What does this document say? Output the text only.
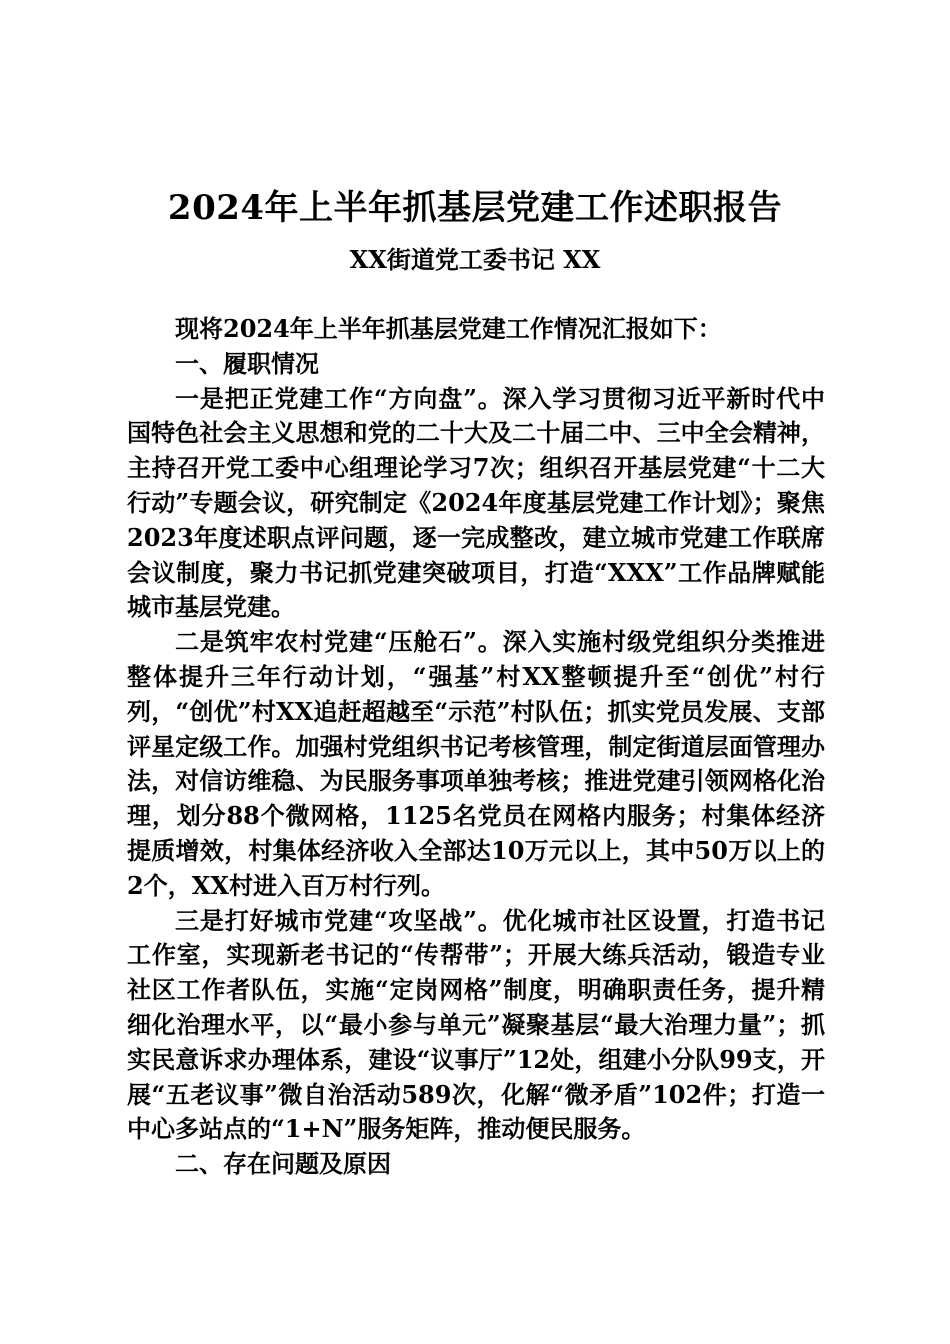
2024年上半年抓基层党建工作述职报告
XX街道党工委书记 XX

现将2024年上半年抓基层党建工作情况汇报如下：

一、履职情况

一是把正党建工作“方向盘”。深入学习贯彻习近平新时代中国特色社会主义思想和党的二十大及二十届二中、三中全会精神，主持召开党工委中心组理论学习7次；组织召开基层党建“十二大行动”专题会议，研究制定《2024年度基层党建工作计划》；聚焦2023年度述职点评问题，逐一完成整改，建立城市党建工作联席会议制度，聚力书记抓党建突破项目，打造“XXX”工作品牌赋能城市基层党建。

二是筑牢农村党建“压舱石”。深入实施村级党组织分类推进整体提升三年行动计划，“强基”村XX整顿提升至“创优”村行列，“创优”村XX追赶超越至“示范”村队伍；抓实党员发展、支部评星定级工作。加强村党组织书记考核管理，制定街道层面管理办法，对信访维稳、为民服务事项单独考核；推进党建引领网格化治理，划分88个微网格，1125名党员在网格内服务；村集体经济提质增效，村集体经济收入全部达10万元以上，其中50万以上的2个，XX村进入百万村行列。

三是打好城市党建“攻坚战”。优化城市社区设置，打造书记工作室，实现新老书记的“传帮带”；开展大练兵活动，锻造专业社区工作者队伍，实施“定岗网格”制度，明确职责任务，提升精细化治理水平，以“最小参与单元”凝聚基层“最大治理力量”；抓实民意诉求办理体系，建设“议事厅”12处，组建小分队99支，开展“五老议事”微自治活动589次，化解“微矛盾”102件；打造一中心多站点的“1+N”服务矩阵，推动便民服务。

二、存在问题及原因
